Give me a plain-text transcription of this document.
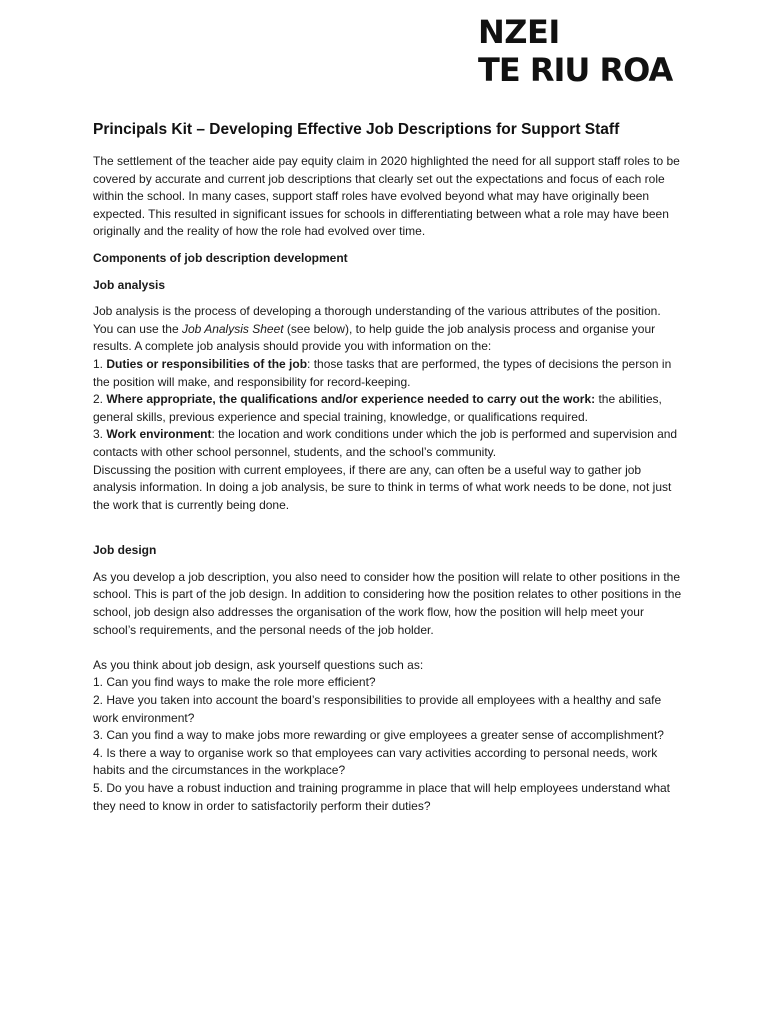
NZEI
TE RIU ROA
Principals Kit – Developing Effective Job Descriptions for Support Staff

The settlement of the teacher aide pay equity claim in 2020 highlighted the need for all support staff roles to be covered by accurate and current job descriptions that clearly set out the expectations and focus of each role within the school. In many cases, support staff roles have evolved beyond what may have originally been expected. This resulted in significant issues for schools in differentiating between what a role may have been originally and the reality of how the role had evolved over time.

Components of job description development

Job analysis

Job analysis is the process of developing a thorough understanding of the various attributes of the position.

You can use the Job Analysis Sheet (see below), to help guide the job analysis process and organise your results. A complete job analysis should provide you with information on the:

1. Duties or responsibilities of the job: those tasks that are performed, the types of decisions the person in the position will make, and responsibility for record-keeping.

2. Where appropriate, the qualifications and/or experience needed to carry out the work: the abilities, general skills, previous experience and special training, knowledge, or qualifications required.

3. Work environment: the location and work conditions under which the job is performed and supervision and contacts with other school personnel, students, and the school’s community.

Discussing the position with current employees, if there are any, can often be a useful way to gather job analysis information. In doing a job analysis, be sure to think in terms of what work needs to be done, not just the work that is currently being done.

Job design

As you develop a job description, you also need to consider how the position will relate to other positions in the school. This is part of the job design. In addition to considering how the position relates to other positions in the school, job design also addresses the organisation of the work flow, how the position will help meet your school’s requirements, and the personal needs of the job holder.

As you think about job design, ask yourself questions such as:

1. Can you find ways to make the role more efficient?

2. Have you taken into account the board’s responsibilities to provide all employees with a healthy and safe work environment?

3. Can you find a way to make jobs more rewarding or give employees a greater sense of accomplishment?

4. Is there a way to organise work so that employees can vary activities according to personal needs, work habits and the circumstances in the workplace?

5. Do you have a robust induction and training programme in place that will help employees understand what they need to know in order to satisfactorily perform their duties?
